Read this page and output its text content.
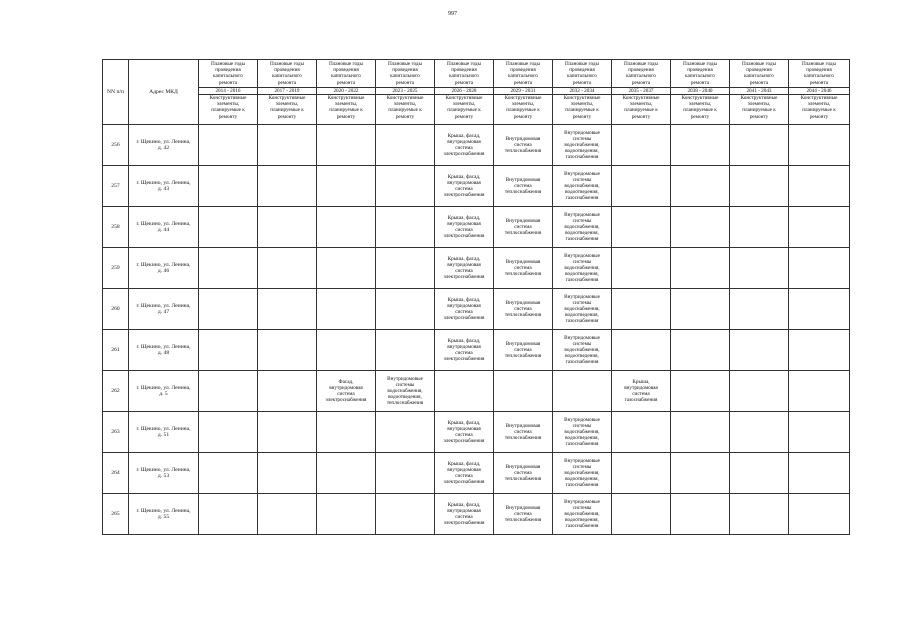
997
NN п/п	Адрес МКД	Плановые годы
проведения
капитального
ремонта
2014 - 2016	Плановые годы
проведения
капитального
ремонта
2017 - 2019	Плановые годы
проведения
капитального
ремонта
2020 - 2022	Плановые годы
проведения
капитального
ремонта
2023 - 2025	Плановые годы
проведения
капитального
ремонта
2026 - 2028	Плановые годы
проведения
капитального
ремонта
2029 - 2031	Плановые годы
проведения
капитального
ремонта
2032 - 2034	Плановые годы
проведения
капитального
ремонта
2035 - 2037	Плановые годы
проведения
капитального
ремонта
2038 - 2040	Плановые годы
проведения
капитального
ремонта
2041 - 2043	Плановые годы
проведения
капитального
ремонта
2044 - 2046

		Конструктивные
элементы,
планируемые к
ремонту	Конструктивные
элементы,
планируемые к
ремонту	Конструктивные
элементы,
планируемые к
ремонту	Конструктивные
элементы,
планируемые к
ремонту	Конструктивные
элементы,
планируемые к
ремонту	Конструктивные
элементы,
планируемые к
ремонту	Конструктивные
элементы,
планируемые к
ремонту	Конструктивные
элементы,
планируемые к
ремонту	Конструктивные
элементы,
планируемые к
ремонту	Конструктивные
элементы,
планируемые к
ремонту	Конструктивные
элементы,
планируемые к
ремонту

256	г. Щекино, ул. Ленина,
д. 42					Крыша, фасад,
внутридомовая
система
электроснабжения	Внутридомовая
система
теплоснабжения	Внутридомовые
системы
водоснабжения,
водоотведения,
газоснабжения				

257	г. Щекино, ул. Ленина,
д. 43					Крыша, фасад,
внутридомовая
система
электроснабжения	Внутридомовая
система
теплоснабжения	Внутридомовые
системы
водоснабжения,
водоотведения,
газоснабжения				

258	г. Щекино, ул. Ленина,
д. 44					Крыша, фасад,
внутридомовая
система
электроснабжения	Внутридомовая
система
теплоснабжения	Внутридомовые
системы
водоснабжения,
водоотведения,
газоснабжения				

259	г. Щекино, ул. Ленина,
д. 46					Крыша, фасад,
внутридомовая
система
электроснабжения	Внутридомовая
система
теплоснабжения	Внутридомовые
системы
водоснабжения,
водоотведения,
газоснабжения				

260	г. Щекино, ул. Ленина,
д. 47					Крыша, фасад,
внутридомовая
система
электроснабжения	Внутридомовая
система
теплоснабжения	Внутридомовые
системы
водоснабжения,
водоотведения,
газоснабжения				

261	г. Щекино, ул. Ленина,
д. 48					Крыша, фасад,
внутридомовая
система
электроснабжения	Внутридомовая
система
теплоснабжения	Внутридомовые
системы
водоснабжения,
водоотведения,
газоснабжения				

262	г. Щекино, ул. Ленина,
д. 5			Фасад,
внутридомовая
система
электроснабжения	Внутридомовые
системы
водоснабжения,
водоотведения,
теплоснабжения				Крыша,
внутридомовая
система
газоснабжения			

263	г. Щекино, ул. Ленина,
д. 51					Крыша, фасад,
внутридомовая
система
электроснабжения	Внутридомовая
система
теплоснабжения	Внутридомовые
системы
водоснабжения,
водоотведения,
газоснабжения				

264	г. Щекино, ул. Ленина,
д. 53					Крыша, фасад,
внутридомовая
система
электроснабжения	Внутридомовая
система
теплоснабжения	Внутридомовые
системы
водоснабжения,
водоотведения,
газоснабжения				

265	г. Щекино, ул. Ленина,
д. 55					Крыша, фасад,
внутридомовая
система
электроснабжения	Внутридомовая
система
теплоснабжения	Внутридомовые
системы
водоснабжения,
водоотведения,
газоснабжения				
